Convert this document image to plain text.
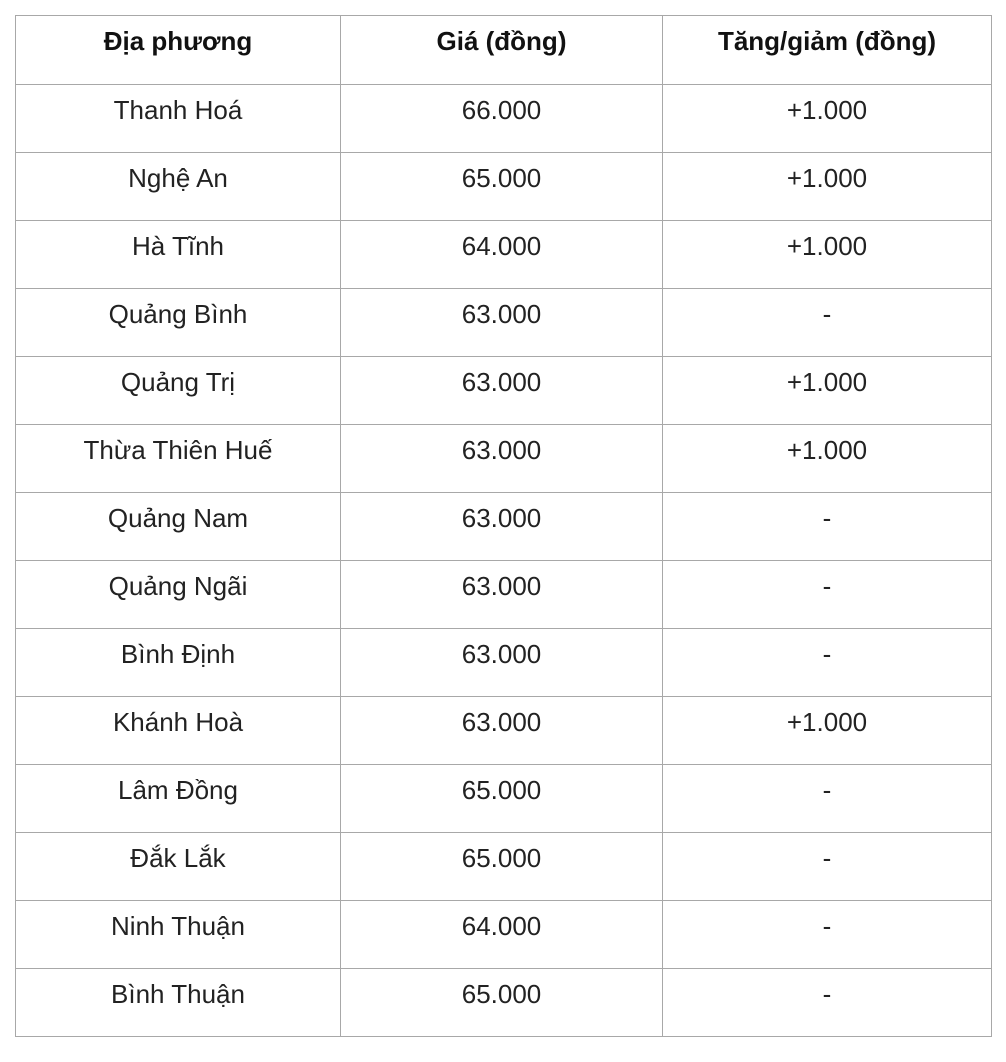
Địa phương	Giá (đồng)	Tăng/giảm (đồng)
Thanh Hoá	66.000	+1.000
Nghệ An	65.000	+1.000
Hà Tĩnh	64.000	+1.000
Quảng Bình	63.000	-
Quảng Trị	63.000	+1.000
Thừa Thiên Huế	63.000	+1.000
Quảng Nam	63.000	-
Quảng Ngãi	63.000	-
Bình Định	63.000	-
Khánh Hoà	63.000	+1.000
Lâm Đồng	65.000	-
Đắk Lắk	65.000	-
Ninh Thuận	64.000	-
Bình Thuận	65.000	-
